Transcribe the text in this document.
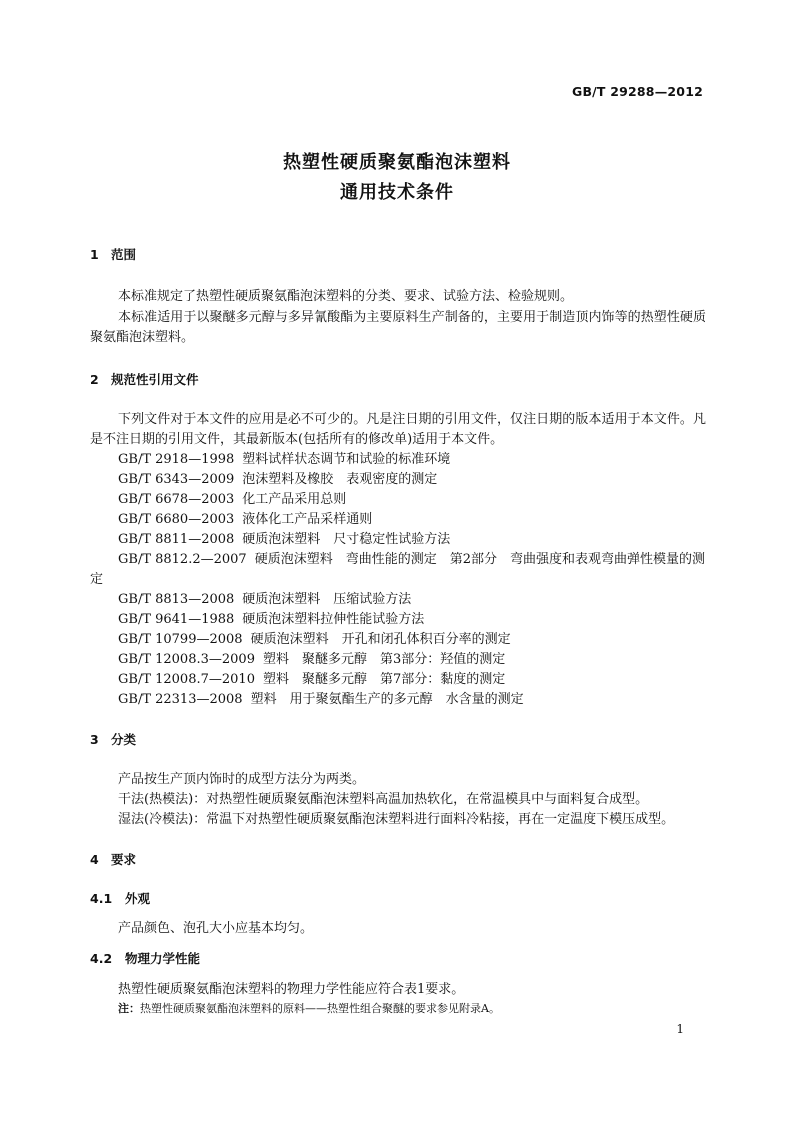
GB/T 29288—2012
热塑性硬质聚氨酯泡沫塑料
通用技术条件
1 范围
本标准规定了热塑性硬质聚氨酯泡沫塑料的分类、要求、试验方法、检验规则。
本标准适用于以聚醚多元醇与多异氰酸酯为主要原料生产制备的，主要用于制造顶内饰等的热塑性硬质聚氨酯泡沫塑料。
2 规范性引用文件
下列文件对于本文件的应用是必不可少的。凡是注日期的引用文件，仅注日期的版本适用于本文件。凡是不注日期的引用文件，其最新版本(包括所有的修改单)适用于本文件。
GB/T 2918—1998 塑料试样状态调节和试验的标准环境
GB/T 6343—2009 泡沫塑料及橡胶　表观密度的测定
GB/T 6678—2003 化工产品采用总则
GB/T 6680—2003 液体化工产品采样通则
GB/T 8811—2008 硬质泡沫塑料　尺寸稳定性试验方法
GB/T 8812.2—2007 硬质泡沫塑料　弯曲性能的测定　第2部分　弯曲强度和表观弯曲弹性模量的测定
GB/T 8813—2008 硬质泡沫塑料　压缩试验方法
GB/T 9641—1988 硬质泡沫塑料拉伸性能试验方法
GB/T 10799—2008 硬质泡沫塑料　开孔和闭孔体积百分率的测定
GB/T 12008.3—2009 塑料　聚醚多元醇　第3部分：羟值的测定
GB/T 12008.7—2010 塑料　聚醚多元醇　第7部分：黏度的测定
GB/T 22313—2008 塑料　用于聚氨酯生产的多元醇　水含量的测定
3 分类
产品按生产顶内饰时的成型方法分为两类。
干法(热模法)：对热塑性硬质聚氨酯泡沫塑料高温加热软化，在常温模具中与面料复合成型。
湿法(冷模法)：常温下对热塑性硬质聚氨酯泡沫塑料进行面料冷粘接，再在一定温度下模压成型。
4 要求
4.1 外观
产品颜色、泡孔大小应基本均匀。
4.2 物理力学性能
热塑性硬质聚氨酯泡沫塑料的物理力学性能应符合表1要求。
注：热塑性硬质聚氨酯泡沫塑料的原料——热塑性组合聚醚的要求参见附录A。
1
